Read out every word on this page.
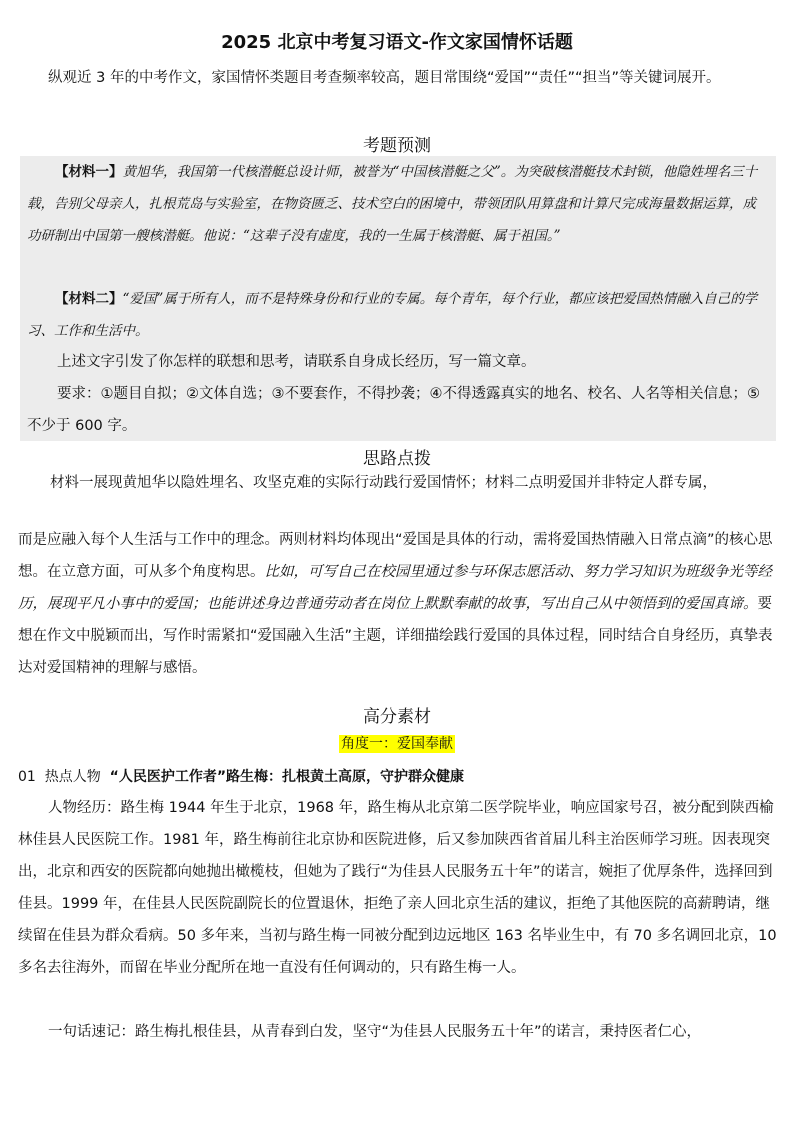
2025 北京中考复习语文-作文家国情怀话题

纵观近 3 年的中考作文，家国情怀类题目考查频率较高，题目常围绕“爱国”“责任”“担当”等关键词展开。

考题预测

【材料一】黄旭华，我国第一代核潜艇总设计师，被誉为“中国核潜艇之父”。为突破核潜艇技术封锁，他隐姓埋名三十载，告别父母亲人，扎根荒岛与实验室，在物资匮乏、技术空白的困境中，带领团队用算盘和计算尺完成海量数据运算，成功研制出中国第一艘核潜艇。他说：“这辈子没有虚度，我的一生属于核潜艇、属于祖国。”

【材料二】“爱国”属于所有人，而不是特殊身份和行业的专属。每个青年，每个行业，都应该把爱国热情融入自己的学习、工作和生活中。

上述文字引发了你怎样的联想和思考，请联系自身成长经历，写一篇文章。

要求：①题目自拟；②文体自选；③不要套作，不得抄袭；④不得透露真实的地名、校名、人名等相关信息；⑤不少于 600 字。

思路点拨

材料一展现黄旭华以隐姓埋名、攻坚克难的实际行动践行爱国情怀；材料二点明爱国并非特定人群专属，

而是应融入每个人生活与工作中的理念。两则材料均体现出“爱国是具体的行动，需将爱国热情融入日常点滴”的核心思想。在立意方面，可从多个角度构思。比如，可写自己在校园里通过参与环保志愿活动、努力学习知识为班级争光等经历，展现平凡小事中的爱国；也能讲述身边普通劳动者在岗位上默默奉献的故事，写出自己从中领悟到的爱国真谛。要想在作文中脱颖而出，写作时需紧扣“爱国融入生活”主题，详细描绘践行爱国的具体过程，同时结合自身经历，真挚表达对爱国精神的理解与感悟。

高分素材
角度一：爱国奉献
01 热点人物 “人民医护工作者”路生梅：扎根黄土高原，守护群众健康

人物经历：路生梅 1944 年生于北京，1968 年，路生梅从北京第二医学院毕业，响应国家号召，被分配到陕西榆林佳县人民医院工作。1981 年，路生梅前往北京协和医院进修，后又参加陕西省首届儿科主治医师学习班。因表现突出，北京和西安的医院都向她抛出橄榄枝，但她为了践行“为佳县人民服务五十年”的诺言，婉拒了优厚条件，选择回到佳县。1999 年，在佳县人民医院副院长的位置退休，拒绝了亲人回北京生活的建议，拒绝了其他医院的高薪聘请，继续留在佳县为群众看病。50 多年来，当初与路生梅一同被分配到边远地区 163 名毕业生中，有 70 多名调回北京，10 多名去往海外，而留在毕业分配所在地一直没有任何调动的，只有路生梅一人。

一句话速记：路生梅扎根佳县，从青春到白发，坚守“为佳县人民服务五十年”的诺言，秉持医者仁心，
